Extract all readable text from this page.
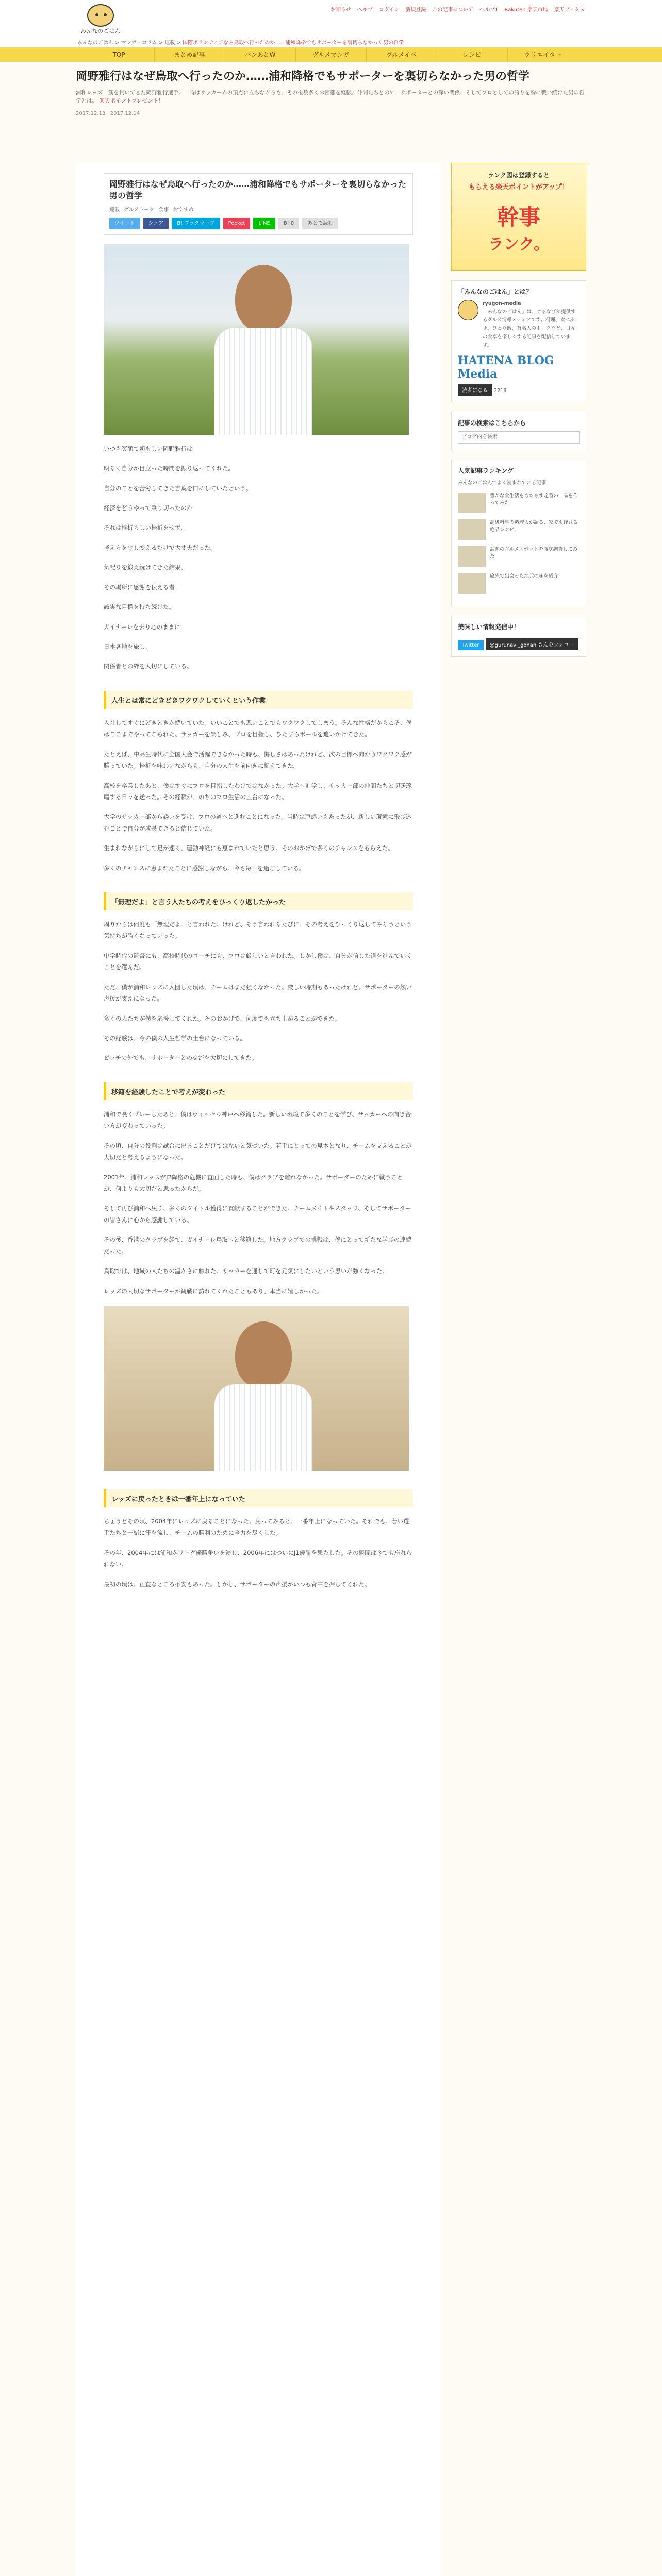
みんなのごはん
お知らせ ヘルプ ログイン 新規登録 この記事について ヘルプ1 Rakuten 楽天市場 楽天ブックス
みんなのごはん > マンガ・コラム > 連載 > 国際ボランティアなら鳥取へ行ったのか……浦和降格でもサポーターを裏切らなかった男の哲学
TOP	まとめ記事	バンあとW	グルメマンガ	グルメイベ	レシピ	クリエイター
岡野雅行はなぜ鳥取へ行ったのか……浦和降格でもサポーターを裏切らなかった男の哲学

浦和レッズ一筋を貫いてきた岡野雅行選手。一時はサッカー界の頂点に立ちながらも、その後数多くの困難を経験。仲間たちとの絆、サポーターとの深い関係、そしてプロとしての誇りを胸に戦い続けた男の哲学とは。 楽天ポイントプレゼント！

2017.12.13 2017.12.14
岡野雅行はなぜ鳥取へ行ったのか……浦和降格でもサポーターを裏切らなかった男の哲学
連載 グルメトーク 食事 おすすめ
ツイート	シェア	B! ブックマーク	Pocket	LINE	B! 0	あとで読む

いつも笑顔で頼もしい岡野雅行は

明るく自分が目立った時間を振り返ってくれた。

自分のことを苦労してきた言葉を口にしていたという。

経済をどうやって乗り切ったのか

それは挫折らしい挫折をせず、

考え方を少し変えるだけで大丈夫だった。

気配りを鍛え続けてきた結果、

その場所に感謝を伝える者

誠実な目標を持ち続けた。

ガイナーレを去り心のままに

日本各地を旅し、

関係者との絆を大切にしている。

人生とは常にどきどきワクワクしていくという作業

入社してすぐにどきどきが続いていた。いいことでも悪いことでもワクワクしてしまう。そんな性格だからこそ、僕はここまでやってこられた。サッカーを楽しみ、プロを目指し、ひたすらボールを追いかけてきた。

たとえば、中高生時代に全国大会で活躍できなかった時も、悔しさはあったけれど、次の目標へ向かうワクワク感が勝っていた。挫折を味わいながらも、自分の人生を前向きに捉えてきた。

高校を卒業したあと、僕はすぐにプロを目指したわけではなかった。大学へ進学し、サッカー部の仲間たちと切磋琢磨する日々を送った。その経験が、のちのプロ生活の土台になった。

大学のサッカー部から誘いを受け、プロの道へと進むことになった。当時は戸惑いもあったが、新しい環境に飛び込むことで自分が成長できると信じていた。

生まれながらにして足が速く、運動神経にも恵まれていたと思う。そのおかげで多くのチャンスをもらえた。

多くのチャンスに恵まれたことに感謝しながら、今も毎日を過ごしている。

「無理だよ」と言う人たちの考えをひっくり返したかった

周りからは何度も「無理だよ」と言われた。けれど、そう言われるたびに、その考えをひっくり返してやろうという気持ちが強くなっていった。

中学時代の監督にも、高校時代のコーチにも、プロは厳しいと言われた。しかし僕は、自分が信じた道を進んでいくことを選んだ。

ただ、僕が浦和レッズに入団した頃は、チームはまだ強くなかった。厳しい時期もあったけれど、サポーターの熱い声援が支えになった。

多くの人たちが僕を応援してくれた。そのおかげで、何度でも立ち上がることができた。

その経験は、今の僕の人生哲学の土台になっている。

ピッチの外でも、サポーターとの交流を大切にしてきた。

移籍を経験したことで考えが変わった

浦和で長くプレーしたあと、僕はヴィッセル神戸へ移籍した。新しい環境で多くのことを学び、サッカーへの向き合い方が変わっていった。

その頃、自分の役割は試合に出ることだけではないと気づいた。若手にとっての見本となり、チームを支えることが大切だと考えるようになった。

2001年、浦和レッズがJ2降格の危機に直面した時も、僕はクラブを離れなかった。サポーターのために戦うことが、何よりも大切だと思ったからだ。

そして再び浦和へ戻り、多くのタイトル獲得に貢献することができた。チームメイトやスタッフ、そしてサポーターの皆さんに心から感謝している。

その後、香港のクラブを経て、ガイナーレ鳥取へと移籍した。地方クラブでの挑戦は、僕にとって新たな学びの連続だった。

鳥取では、地域の人たちの温かさに触れた。サッカーを通じて町を元気にしたいという思いが強くなった。

レッズの大切なサポーターが観戦に訪れてくれたこともあり、本当に嬉しかった。

レッズに戻ったときは一番年上になっていた

ちょうどその頃、2004年にレッズに戻ることになった。戻ってみると、一番年上になっていた。それでも、若い選手たちと一緒に汗を流し、チームの勝利のために全力を尽くした。

その年、2004年には浦和がリーグ優勝争いを演じ、2006年にはついにJ1優勝を果たした。その瞬間は今でも忘れられない。

最初の頃は、正直なところ不安もあった。しかし、サポーターの声援がいつも背中を押してくれた。

ランク図は登録すると
もらえる楽天ポイントがアップ！
幹事
ランク。
「みんなのごはん」とは？
ryugon-media
「みんなのごはん」は、ぐるなびが提供するグルメ情報メディアです。料理、食べ歩き、ひとり飯、有名人のトークなど、日々の食卓を楽しくする記事を配信しています。
HATENA BLOG Media
読者になる 2216
記事の検索はこちらから
ブログ内を検索
人気記事ランキング
みんなのごはんでよく読まれている記事
豊かな食生活をもたらす定番の一品を作ってみた
高級料亭の料理人が語る、家でも作れる絶品レシピ
話題のグルメスポットを徹底調査してみた
旅先で出会った地元の味を紹介
美味しい情報発信中！
Twitter @gurunavi_gohan さんをフォロー
